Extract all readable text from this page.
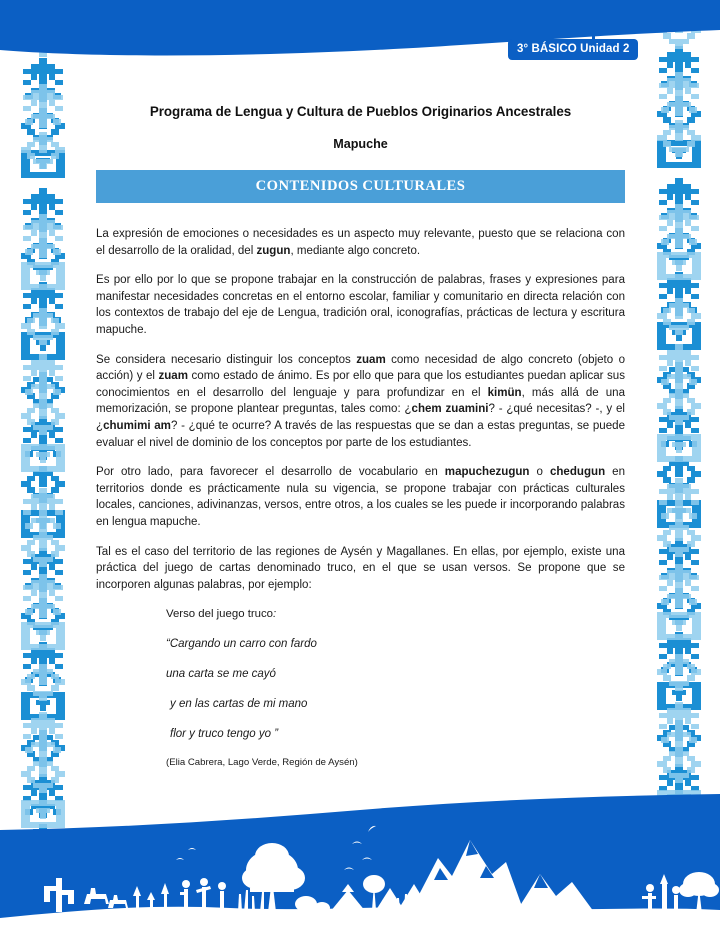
3° BÁSICO Unidad 2
Programa de Lengua y Cultura de Pueblos Originarios Ancestrales
Mapuche
CONTENIDOS CULTURALES

La expresión de emociones o necesidades es un aspecto muy relevante, puesto que se relaciona con el desarrollo de la oralidad, del zugun, mediante algo concreto.

Es por ello por lo que se propone trabajar en la construcción de palabras, frases y expresiones para manifestar necesidades concretas en el entorno escolar, familiar y comunitario en directa relación con los contextos de trabajo del eje de Lengua, tradición oral, iconografías, prácticas de lectura y escritura mapuche.

Se considera necesario distinguir los conceptos zuam como necesidad de algo concreto (objeto o acción) y el zuam como estado de ánimo. Es por ello que para que los estudiantes puedan aplicar sus conocimientos en el desarrollo del lenguaje y para profundizar en el kimün, más allá de una memorización, se propone plantear preguntas, tales como: ¿chem zuamini? - ¿qué necesitas? -, y el ¿chumimi am? - ¿qué te ocurre? A través de las respuestas que se dan a estas preguntas, se puede evaluar el nivel de dominio de los conceptos por parte de los estudiantes.

Por otro lado, para favorecer el desarrollo de vocabulario en mapuchezugun o chedugun en territorios donde es prácticamente nula su vigencia, se propone trabajar con prácticas culturales locales, canciones, adivinanzas, versos, entre otros, a los cuales se les puede ir incorporando palabras en lengua mapuche.

Tal es el caso del territorio de las regiones de Aysén y Magallanes. En ellas, por ejemplo, existe una práctica del juego de cartas denominado truco, en el que se usan versos. Se propone que se incorporen algunas palabras, por ejemplo:

Verso del juego truco:
“Cargando un carro con fardo
una carta se me cayó
y en las cartas de mi mano
flor y truco tengo yo ”
(Elia Cabrera, Lago Verde, Región de Aysén)
